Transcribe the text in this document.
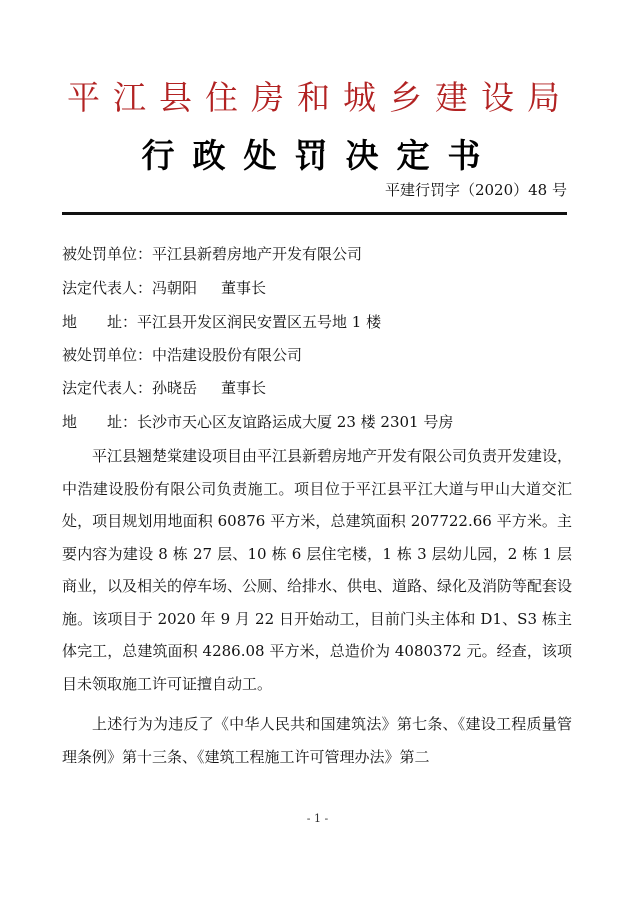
平江县住房和城乡建设局
行政处罚决定书
平建行罚字（2020）48 号
被处罚单位：平江县新碧房地产开发有限公司
法定代表人：冯朝阳 董事长
地　　址：平江县开发区润民安置区五号地 1 楼
被处罚单位：中浩建设股份有限公司
法定代表人：孙晓岳 董事长
地　　址：长沙市天心区友谊路运成大厦 23 楼 2301 号房

平江县翘楚棠建设项目由平江县新碧房地产开发有限公司负责开发建设，中浩建设股份有限公司负责施工。项目位于平江县平江大道与甲山大道交汇处，项目规划用地面积 60876 平方米，总建筑面积 207722.66 平方米。主要内容为建设 8 栋 27 层、10 栋 6 层住宅楼，1 栋 3 层幼儿园，2 栋 1 层商业，以及相关的停车场、公厕、给排水、供电、道路、绿化及消防等配套设施。该项目于 2020 年 9 月 22 日开始动工，目前门头主体和 D1、S3 栋主体完工，总建筑面积 4286.08 平方米，总造价为 4080372 元。经查，该项目未领取施工许可证擅自动工。

上述行为为违反了《中华人民共和国建筑法》第七条、《建设工程质量管理条例》第十三条、《建筑工程施工许可管理办法》第二

- 1 -
